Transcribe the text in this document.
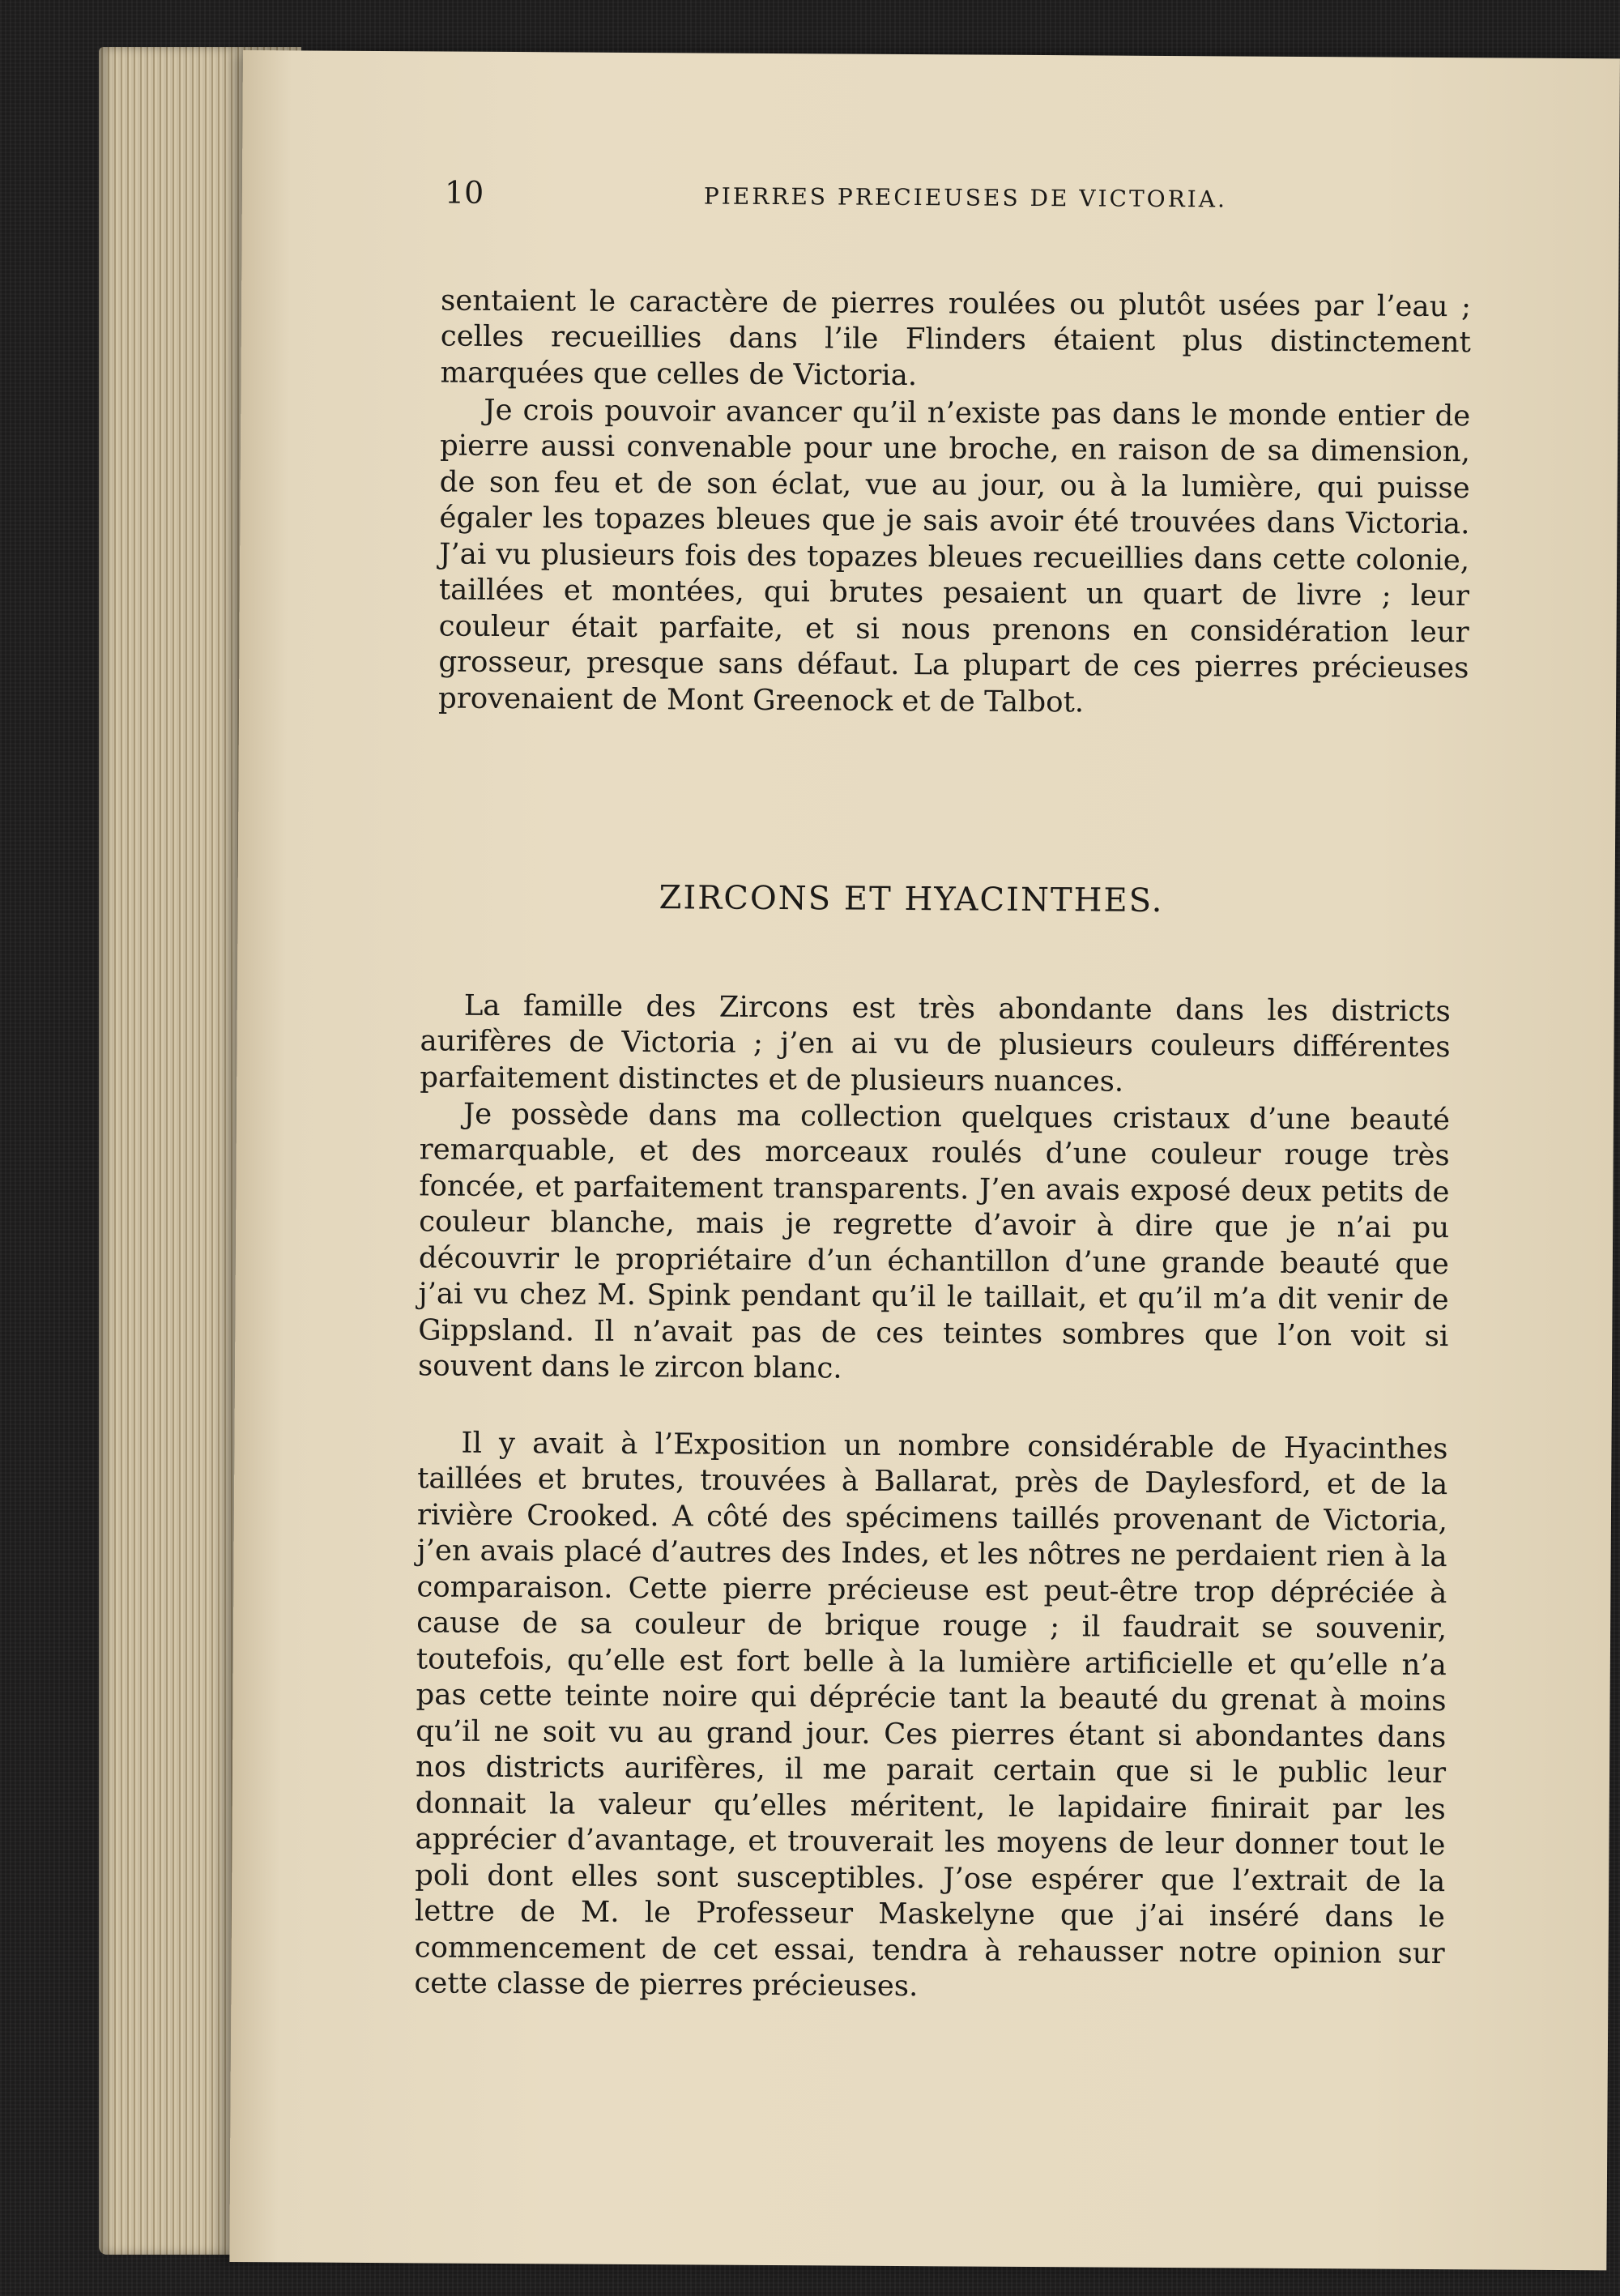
10	PIERRES PRECIEUSES DE VICTORIA.

sentaient le caractère de pierres roulées ou plutôt usées par l’eau ; celles recueillies dans l’ile Flinders étaient plus distinctement marquées que celles de Victoria.

Je crois pouvoir avancer qu’il n’existe pas dans le monde entier de pierre aussi convenable pour une broche, en raison de sa dimension, de son feu et de son éclat, vue au jour, ou à la lumière, qui puisse égaler les topazes bleues que je sais avoir été trouvées dans Victoria. J’ai vu plusieurs fois des topazes bleues recueillies dans cette colonie, taillées et montées, qui brutes pesaient un quart de livre ; leur couleur était parfaite, et si nous prenons en considération leur grosseur, presque sans défaut. La plupart de ces pierres précieuses provenaient de Mont Greenock et de Talbot.

ZIRCONS ET HYACINTHES.

La famille des Zircons est très abondante dans les districts aurifères de Victoria ; j’en ai vu de plusieurs couleurs différentes parfaitement distinctes et de plusieurs nuances.

Je possède dans ma collection quelques cristaux d’une beauté remarquable, et des morceaux roulés d’une couleur rouge très foncée, et parfaitement transparents. J’en avais exposé deux petits de couleur blanche, mais je regrette d’avoir à dire que je n’ai pu découvrir le propriétaire d’un échantillon d’une grande beauté que j’ai vu chez M. Spink pendant qu’il le taillait, et qu’il m’a dit venir de Gippsland. Il n’avait pas de ces teintes sombres que l’on voit si souvent dans le zircon blanc.

Il y avait à l’Exposition un nombre considérable de Hyacinthes taillées et brutes, trouvées à Ballarat, près de Daylesford, et de la rivière Crooked. A côté des spécimens taillés provenant de Victoria, j’en avais placé d’autres des Indes, et les nôtres ne perdaient rien à la comparaison. Cette pierre précieuse est peut-être trop dépréciée à cause de sa couleur de brique rouge ; il faudrait se souvenir, toutefois, qu’elle est fort belle à la lumière artificielle et qu’elle n’a pas cette teinte noire qui déprécie tant la beauté du grenat à moins qu’il ne soit vu au grand jour. Ces pierres étant si abondantes dans nos districts aurifères, il me parait certain que si le public leur donnait la valeur qu’elles méritent, le lapidaire finirait par les apprécier d’avantage, et trouverait les moyens de leur donner tout le poli dont elles sont susceptibles. J’ose espérer que l’extrait de la lettre de M. le Professeur Maskelyne que j’ai inséré dans le commencement de cet essai, tendra à rehausser notre opinion sur cette classe de pierres précieuses.
